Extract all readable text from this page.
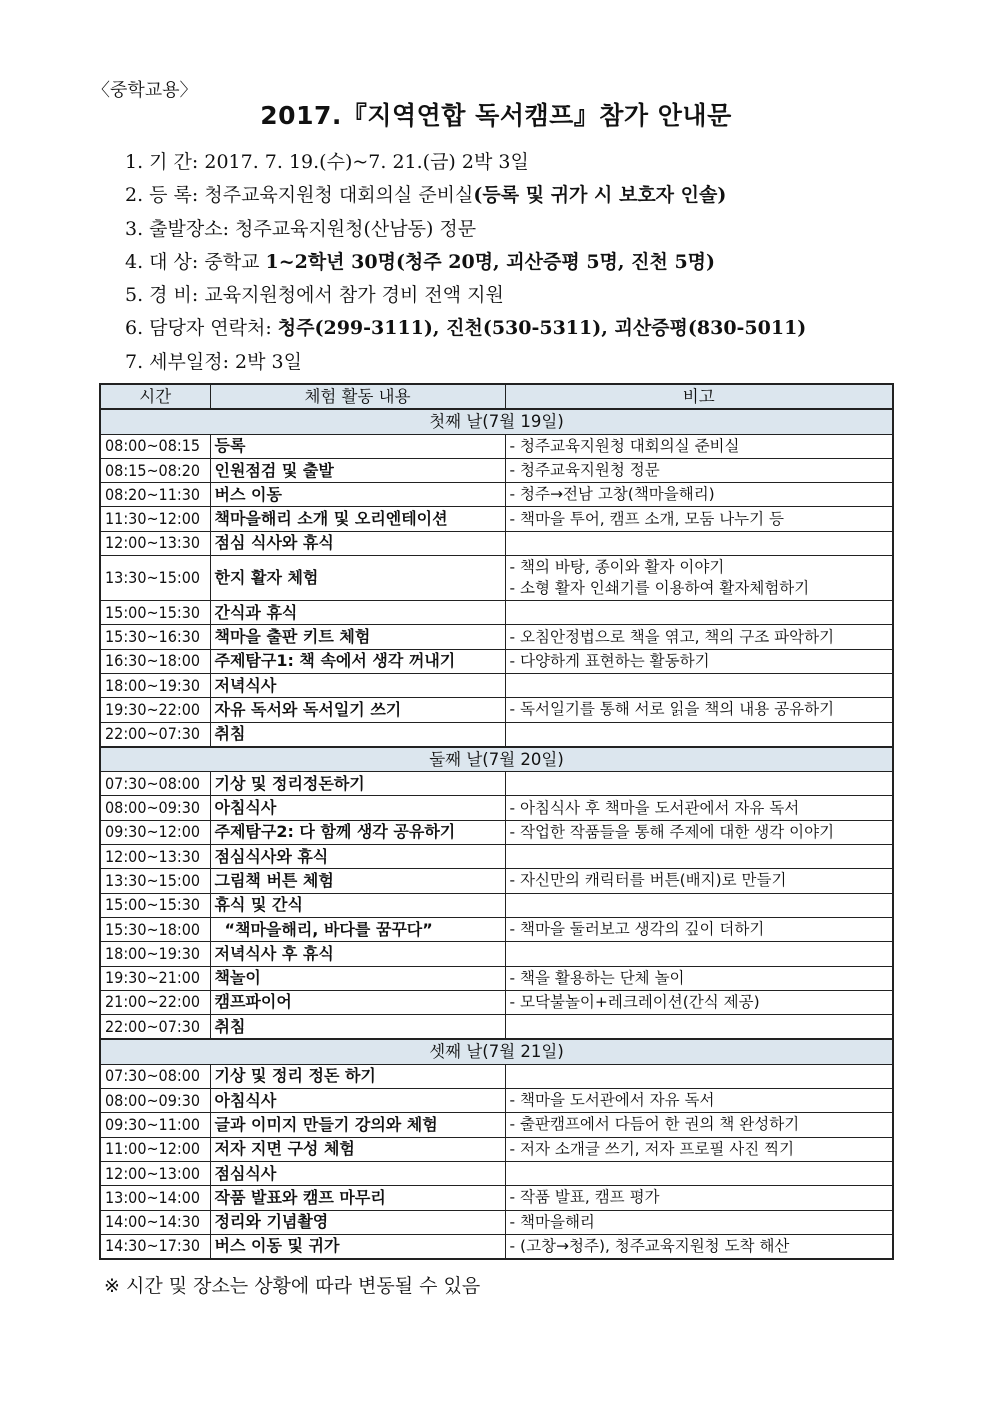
〈중학교용〉
2017.『지역연합 독서캠프』참가 안내문
1. 기 간: 2017. 7. 19.(수)~7. 21.(금) 2박 3일
2. 등 록: 청주교육지원청 대회의실 준비실(등록 및 귀가 시 보호자 인솔)
3. 출발장소: 청주교육지원청(산남동) 정문
4. 대 상: 중학교 1~2학년 30명(청주 20명, 괴산증평 5명, 진천 5명)
5. 경 비: 교육지원청에서 참가 경비 전액 지원
6. 담당자 연락처: 청주(299-3111), 진천(530-5311), 괴산증평(830-5011)
7. 세부일정: 2박 3일
시간	체험 활동 내용	비고
첫째 날(7월 19일)		
08:00~08:15	등록	- 청주교육지원청 대회의실 준비실

08:15~08:20	인원점검 및 출발	- 청주교육지원청 정문

08:20~11:30	버스 이동	- 청주→전남 고창(책마을해리)

11:30~12:00	책마을해리 소개 및 오리엔테이션	- 책마을 투어, 캠프 소개, 모둠 나누기 등

12:00~13:30	점심 식사와 휴식	
13:30~15:00	한지 활자 체험	- 책의 바탕, 종이와 활자 이야기
- 소형 활자 인쇄기를 이용하여 활자체험하기

15:00~15:30	간식과 휴식	
15:30~16:30	책마을 출판 키트 체험	- 오침안정법으로 책을 엮고, 책의 구조 파악하기

16:30~18:00	주제탐구1: 책 속에서 생각 꺼내기	- 다양하게 표현하는 활동하기

18:00~19:30	저녁식사	
19:30~22:00	자유 독서와 독서일기 쓰기	- 독서일기를 통해 서로 읽을 책의 내용 공유하기

22:00~07:30	취침	
둘째 날(7월 20일)		
07:30~08:00	기상 및 정리정돈하기	
08:00~09:30	아침식사	- 아침식사 후 책마을 도서관에서 자유 독서

09:30~12:00	주제탐구2: 다 함께 생각 공유하기	- 작업한 작품들을 통해 주제에 대한 생각 이야기

12:00~13:30	점심식사와 휴식	
13:30~15:00	그림책 버튼 체험	- 자신만의 캐릭터를 버튼(배지)로 만들기

15:00~15:30	휴식 및 간식	
15:30~18:00	“책마을해리, 바다를 꿈꾸다”	- 책마을 둘러보고 생각의 깊이 더하기

18:00~19:30	저녁식사 후 휴식	
19:30~21:00	책놀이	- 책을 활용하는 단체 놀이

21:00~22:00	캠프파이어	- 모닥불놀이+레크레이션(간식 제공)

22:00~07:30	취침	
셋째 날(7월 21일)		
07:30~08:00	기상 및 정리 정돈 하기	
08:00~09:30	아침식사	- 책마을 도서관에서 자유 독서

09:30~11:00	글과 이미지 만들기 강의와 체험	- 출판캠프에서 다듬어 한 권의 책 완성하기

11:00~12:00	저자 지면 구성 체험	- 저자 소개글 쓰기, 저자 프로필 사진 찍기

12:00~13:00	점심식사	
13:00~14:00	작품 발표와 캠프 마무리	- 작품 발표, 캠프 평가

14:00~14:30	정리와 기념촬영	- 책마을해리

14:30~17:30	버스 이동 및 귀가	- (고창→청주), 청주교육지원청 도착 해산
※ 시간 및 장소는 상황에 따라 변동될 수 있음
